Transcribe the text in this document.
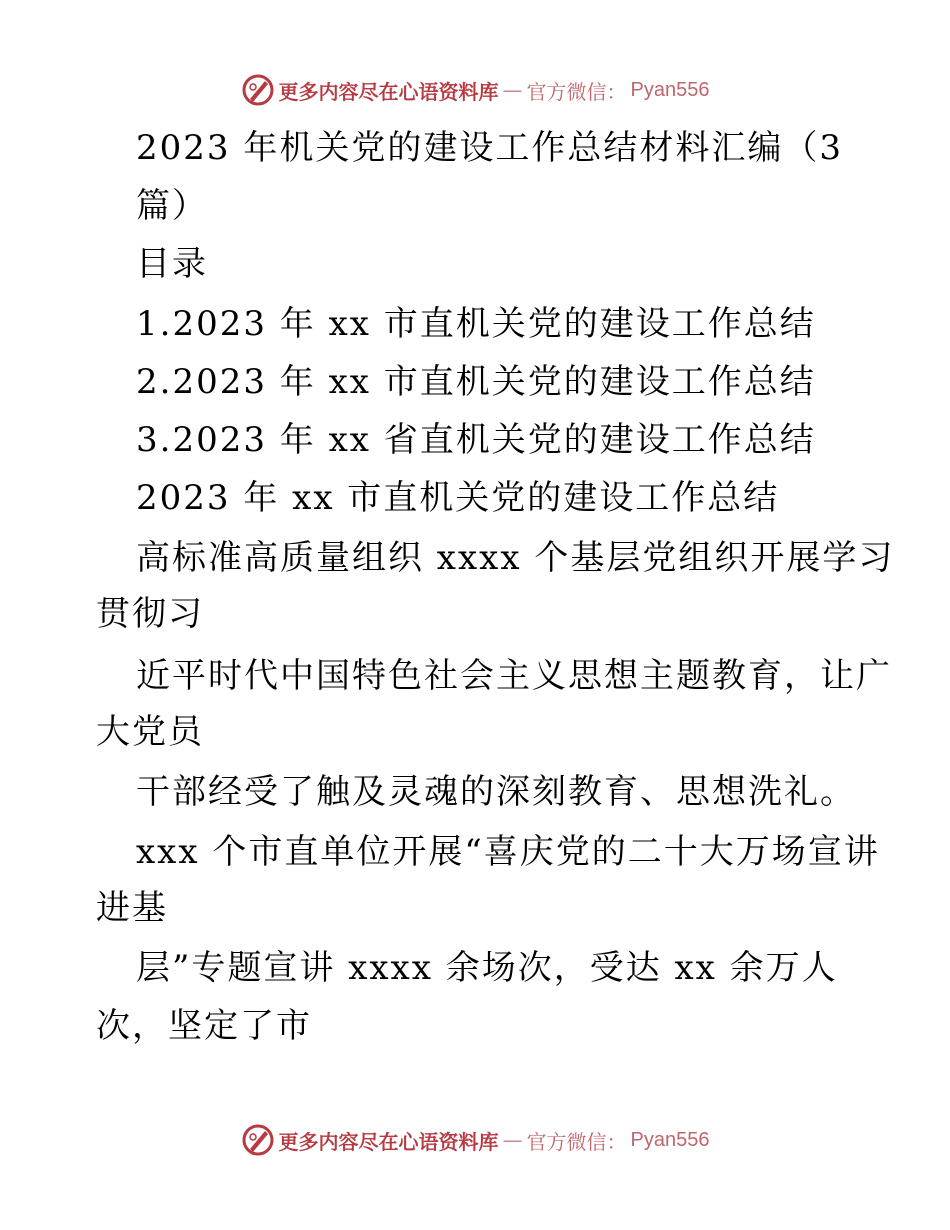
更多内容尽在心语资料库 — 官方微信： Pyan556
2023 年机关党的建设工作总结材料汇编（3
篇）
目录
1.2023 年 xx 市直机关党的建设工作总结
2.2023 年 xx 市直机关党的建设工作总结
3.2023 年 xx 省直机关党的建设工作总结
2023 年 xx 市直机关党的建设工作总结
高标准高质量组织 xxxx 个基层党组织开展学习
贯彻习
近平时代中国特色社会主义思想主题教育，让广
大党员
干部经受了触及灵魂的深刻教育、思想洗礼。
xxx 个市直单位开展“喜庆党的二十大万场宣讲
进基
层”专题宣讲 xxxx 余场次，受达 xx 余万人
次，坚定了市
更多内容尽在心语资料库 — 官方微信： Pyan556
